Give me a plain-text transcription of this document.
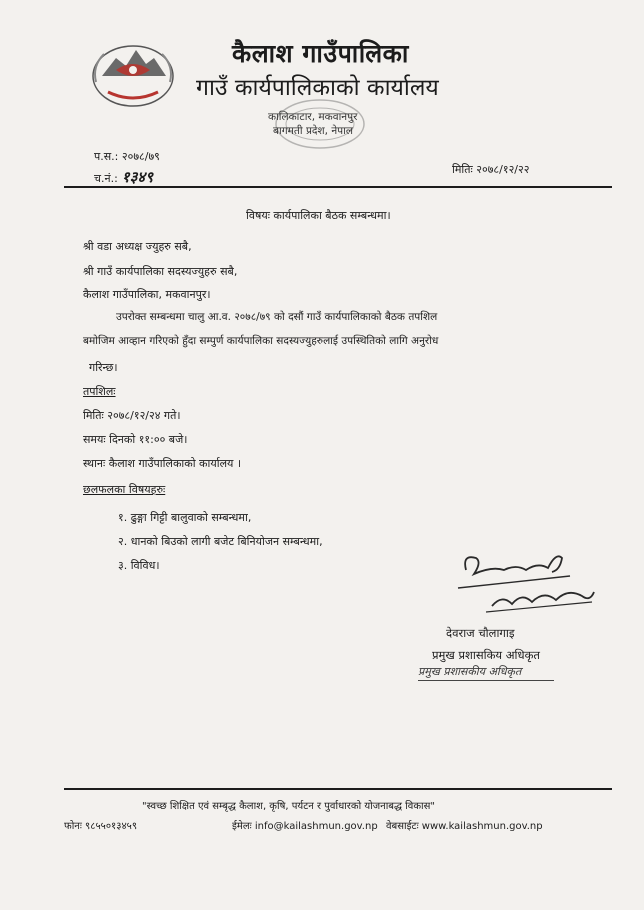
कैलाश गाउँपालिका
गाउँ कार्यपालिकाको कार्यालय
कालिकाटार, मकवानपुर
बागमती प्रदेश, नेपाल
प.स.: २०७८/७९
च.नं.: १३४९	मितिः २०७८/१२/२२
विषयः कार्यपालिका बैठक सम्बन्धमा।
श्री वडा अध्यक्ष ज्युहरु सबै,
श्री गाउँ कार्यपालिका सदस्यज्युहरु सबै,
कैलाश गाउँपालिका, मकवानपुर।
उपरोक्त सम्बन्धमा चालु आ.व. २०७८/७९ को दसौं गाउँ कार्यपालिकाको बैठक तपशिल
बमोजिम आव्हान गरिएको हुँदा सम्पुर्ण कार्यपालिका सदस्यज्युहरुलाई उपस्थितिको लागि अनुरोध
गरिन्छ।
तपशिलः
मितिः २०७८/१२/२४ गते।
समयः दिनको ११:०० बजे।
स्थानः कैलाश गाउँपालिकाको कार्यालय ।
छलफलका विषयहरुः
१. ढुङ्गा गिट्टी बालुवाको सम्बन्धमा,
२. धानको बिउको लागी बजेट बिनियोजन सम्बन्धमा,
३. विविध।
देवराज चौलागाइ
प्रमुख प्रशासकिय अधिकृत
प्रमुख प्रशासकीय अधिकृत
"स्वच्छ शिक्षित एवं सम्बृद्ध कैलाश, कृषि, पर्यटन र पुर्वाधारको योजनाबद्ध विकास"
फोनः ९८५५०१३४५९	ईमेलः info@kailashmun.gov.np वेबसाईटः www.kailashmun.gov.np
